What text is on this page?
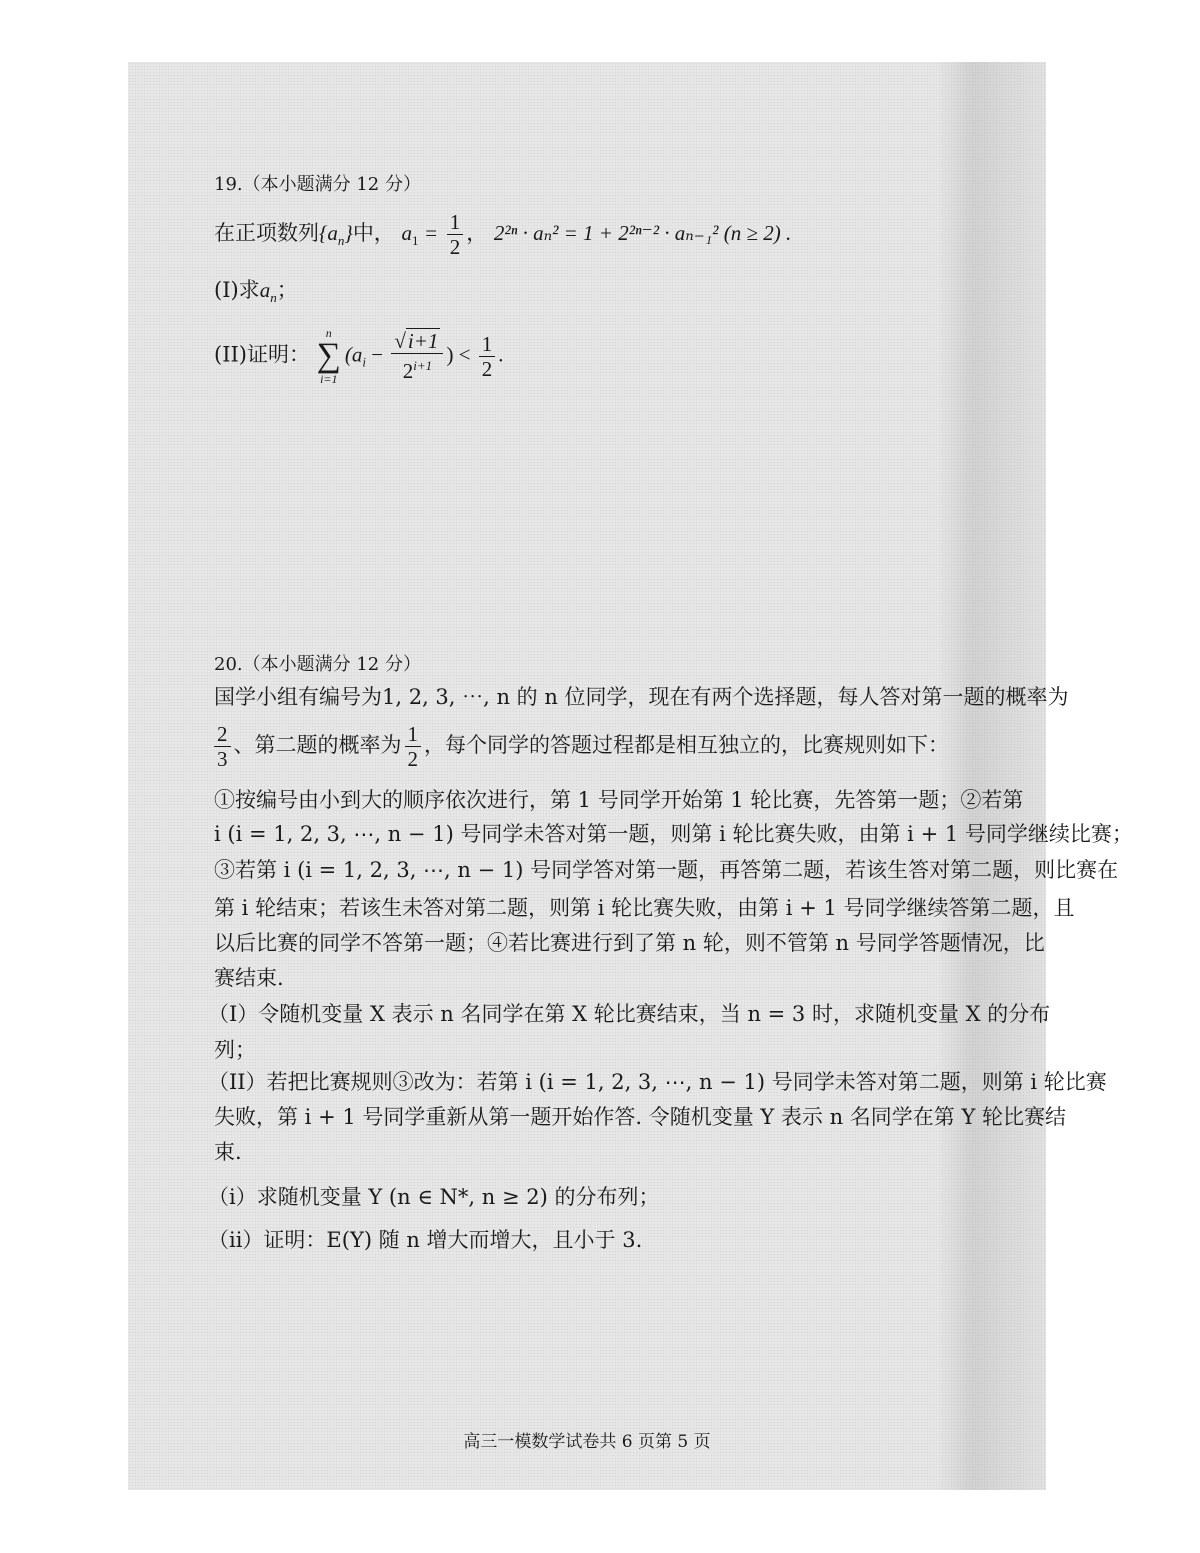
19.（本小题满分 12 分）
在正项数列$\{a_n\}$中， $a_1 = \frac{1}{2}$ ， 2²ⁿ · aₙ² = 1 + 2²ⁿ⁻² · aₙ₋₁² (n ≥ 2) .
(I)求$a_n$；
(II)证明：
n
∑
i=1
($a_i - \frac{√i+1}{2^{i+1}}$ ) < $\frac{1}{2}$ .
20.（本小题满分 12 分）
国学小组有编号为1, 2, 3, ⋯, n 的 n 位同学，现在有两个选择题，每人答对第一题的概率为
$\frac{2}{3}$ 、第二题的概率为 $\frac{1}{2}$ ，每个同学的答题过程都是相互独立的，比赛规则如下：
①按编号由小到大的顺序依次进行，第 1 号同学开始第 1 轮比赛，先答第一题；②若第
i (i = 1, 2, 3, ⋯, n − 1) 号同学未答对第一题，则第 i 轮比赛失败，由第 i + 1 号同学继续比赛；
③若第 i (i = 1, 2, 3, ⋯, n − 1) 号同学答对第一题，再答第二题，若该生答对第二题，则比赛在
第 i 轮结束；若该生未答对第二题，则第 i 轮比赛失败，由第 i + 1 号同学继续答第二题，且
以后比赛的同学不答第一题；④若比赛进行到了第 n 轮，则不管第 n 号同学答题情况，比
赛结束.
（I）令随机变量 X 表示 n 名同学在第 X 轮比赛结束，当 n = 3 时，求随机变量 X 的分布
列；
（II）若把比赛规则③改为：若第 i (i = 1, 2, 3, ⋯, n − 1) 号同学未答对第二题，则第 i 轮比赛
失败，第 i + 1 号同学重新从第一题开始作答. 令随机变量 Y 表示 n 名同学在第 Y 轮比赛结
束.
（i）求随机变量 Y (n ∈ N*, n ≥ 2) 的分布列；
（ii）证明：E(Y) 随 n 增大而增大，且小于 3.
高三一模数学试卷共 6 页第 5 页
